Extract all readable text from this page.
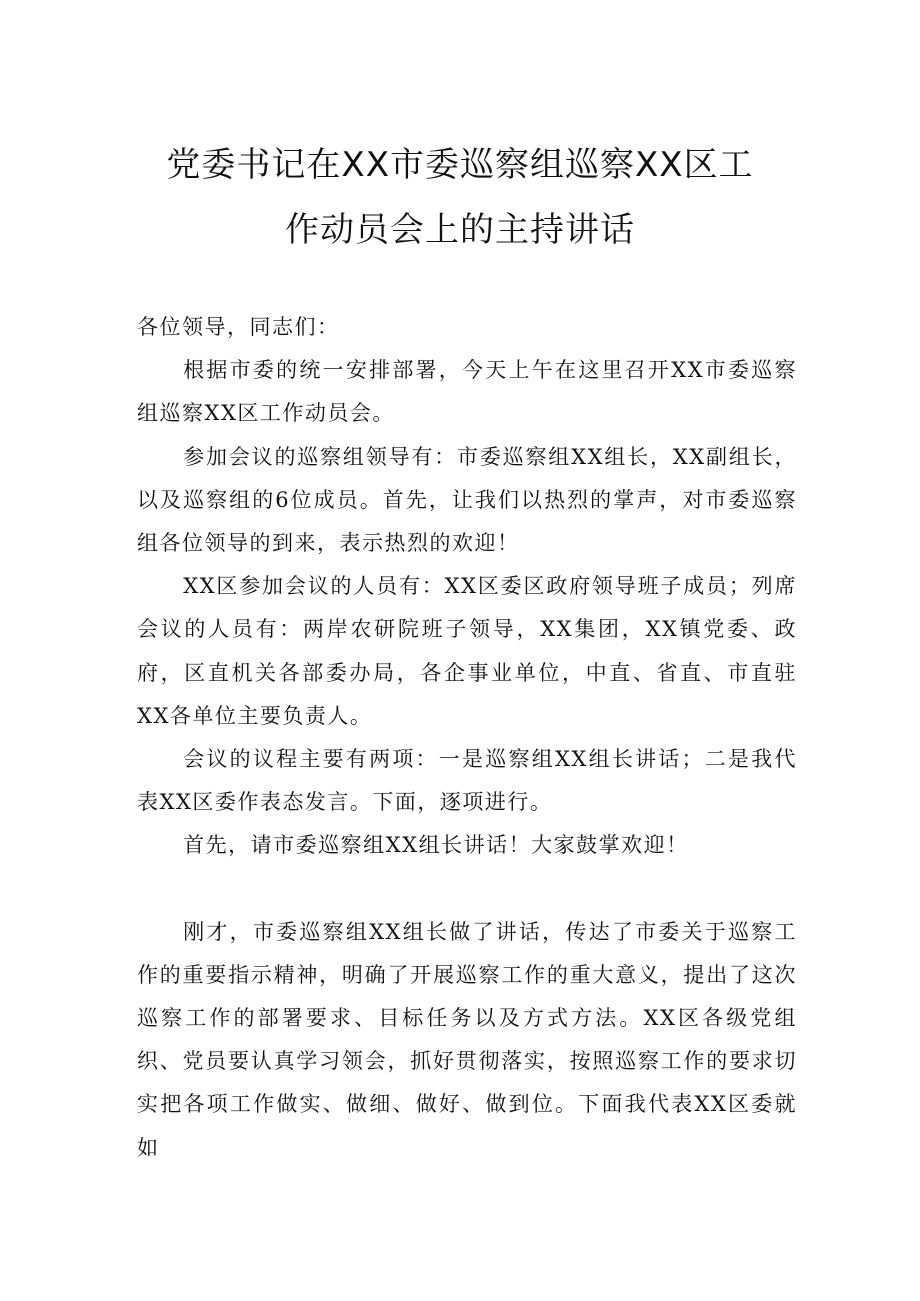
党委书记在XX市委巡察组巡察XX区工
作动员会上的主持讲话

各位领导，同志们：

根据市委的统一安排部署，今天上午在这里召开XX市委巡察组巡察XX区工作动员会。

参加会议的巡察组领导有：市委巡察组XX组长，XX副组长，以及巡察组的6位成员。首先，让我们以热烈的掌声，对市委巡察组各位领导的到来，表示热烈的欢迎！

XX区参加会议的人员有：XX区委区政府领导班子成员；列席会议的人员有：两岸农研院班子领导，XX集团，XX镇党委、政府，区直机关各部委办局，各企事业单位，中直、省直、市直驻XX各单位主要负责人。

会议的议程主要有两项：一是巡察组XX组长讲话；二是我代表XX区委作表态发言。下面，逐项进行。

首先，请市委巡察组XX组长讲话！大家鼓掌欢迎！

刚才，市委巡察组XX组长做了讲话，传达了市委关于巡察工作的重要指示精神，明确了开展巡察工作的重大意义，提出了这次巡察工作的部署要求、目标任务以及方式方法。XX区各级党组织、党员要认真学习领会，抓好贯彻落实，按照巡察工作的要求切实把各项工作做实、做细、做好、做到位。下面我代表XX区委就如
